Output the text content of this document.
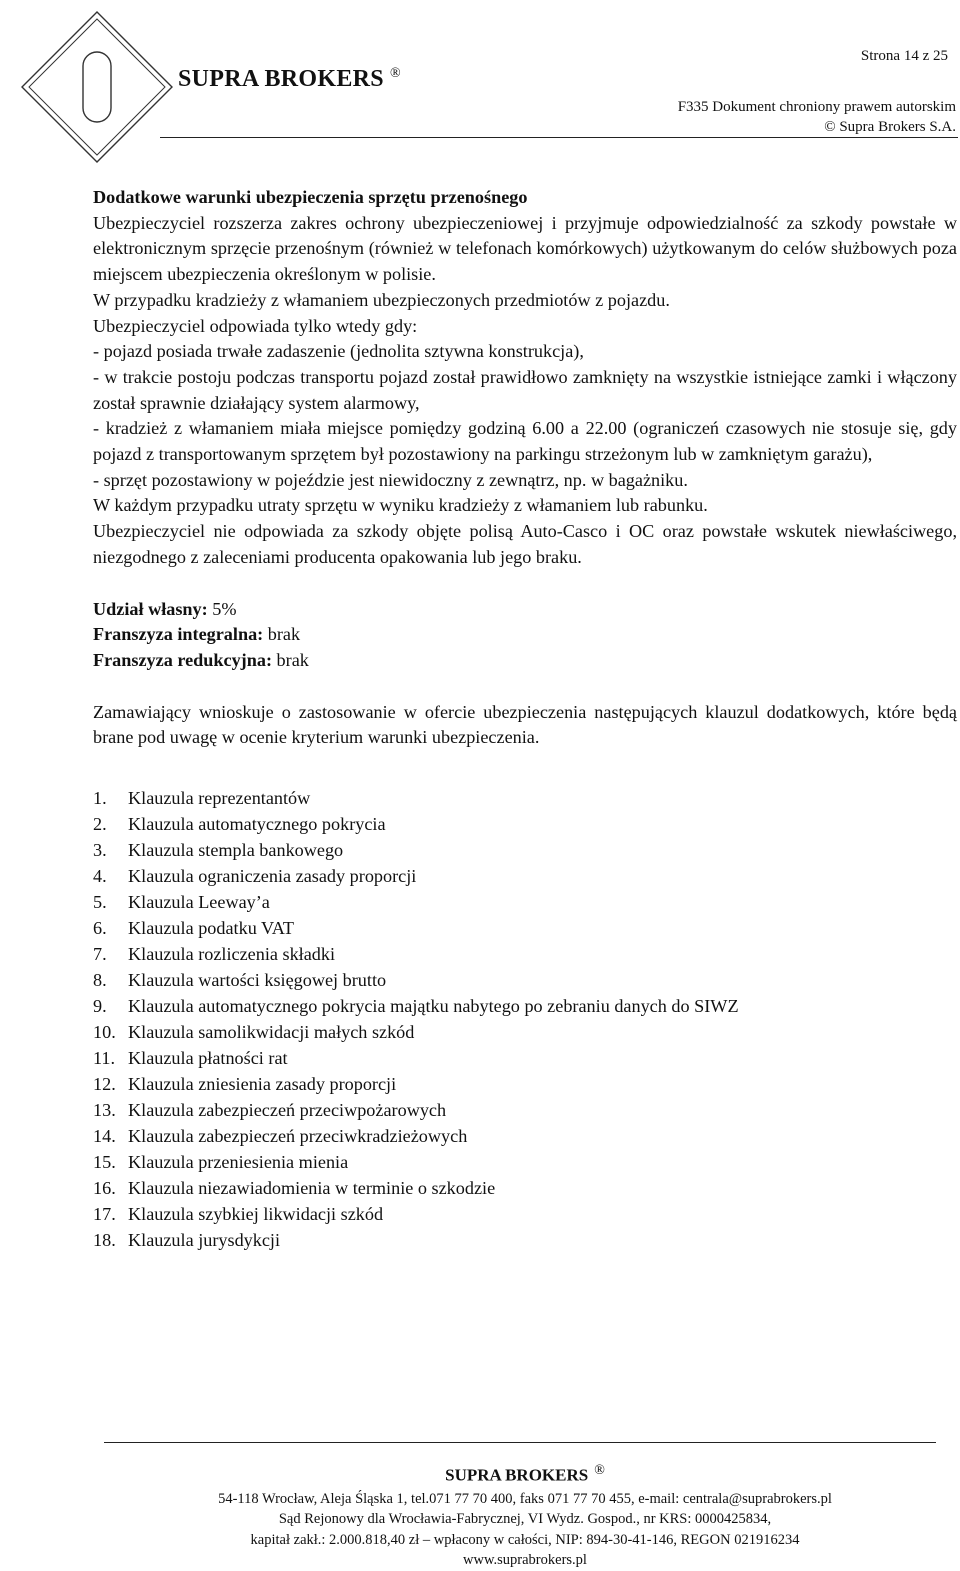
SUPRA BROKERS ®
Strona 14 z 25
F335 Dokument chroniony prawem autorskim
© Supra Brokers S.A.

Dodatkowe warunki ubezpieczenia sprzętu przenośnego

Ubezpieczyciel rozszerza zakres ochrony ubezpieczeniowej i przyjmuje odpowiedzialność za szkody powstałe w elektronicznym sprzęcie przenośnym (również w telefonach komórkowych) użytkowanym do celów służbowych poza miejscem ubezpieczenia określonym w polisie.

W przypadku kradzieży z włamaniem ubezpieczonych przedmiotów z pojazdu.

Ubezpieczyciel odpowiada tylko wtedy gdy:

- pojazd posiada trwałe zadaszenie (jednolita sztywna konstrukcja),

- w trakcie postoju podczas transportu pojazd został prawidłowo zamknięty na wszystkie istniejące zamki i włączony został sprawnie działający system alarmowy,

- kradzież z włamaniem miała miejsce pomiędzy godziną 6.00 a 22.00 (ograniczeń czasowych nie stosuje się, gdy pojazd z transportowanym sprzętem był pozostawiony na parkingu strzeżonym lub w zamkniętym garażu),

- sprzęt pozostawiony w pojeździe jest niewidoczny z zewnątrz, np. w bagażniku.

W każdym przypadku utraty sprzętu w wyniku kradzieży z włamaniem lub rabunku.

Ubezpieczyciel nie odpowiada za szkody objęte polisą Auto-Casco i OC oraz powstałe wskutek niewłaściwego, niezgodnego z zaleceniami producenta opakowania lub jego braku.

Udział własny: 5%

Franszyza integralna: brak

Franszyza redukcyjna: brak

Zamawiający wnioskuje o zastosowanie w ofercie ubezpieczenia następujących klauzul dodatkowych, które będą brane pod uwagę w ocenie kryterium warunki ubezpieczenia.

1.	Klauzula reprezentantów
2.	Klauzula automatycznego pokrycia
3.	Klauzula stempla bankowego
4.	Klauzula ograniczenia zasady proporcji
5.	Klauzula Leeway’a
6.	Klauzula podatku VAT
7.	Klauzula rozliczenia składki
8.	Klauzula wartości księgowej brutto
9.	Klauzula automatycznego pokrycia majątku nabytego po zebraniu danych do SIWZ
10. Klauzula samolikwidacji małych szkód
11. Klauzula płatności rat
12. Klauzula zniesienia zasady proporcji
13. Klauzula zabezpieczeń przeciwpożarowych
14. Klauzula zabezpieczeń przeciwkradzieżowych
15. Klauzula przeniesienia mienia
16. Klauzula niezawiadomienia w terminie o szkodzie
17. Klauzula szybkiej likwidacji szkód
18. Klauzula jurysdykcji
SUPRA BROKERS ®
54-118 Wrocław, Aleja Śląska 1, tel.071 77 70 400, faks 071 77 70 455, e-mail: centrala@suprabrokers.pl
Sąd Rejonowy dla Wrocławia-Fabrycznej, VI Wydz. Gospod., nr KRS: 0000425834,
kapitał zakł.: 2.000.818,40 zł – wpłacony w całości, NIP: 894-30-41-146, REGON 021916234
www.suprabrokers.pl
